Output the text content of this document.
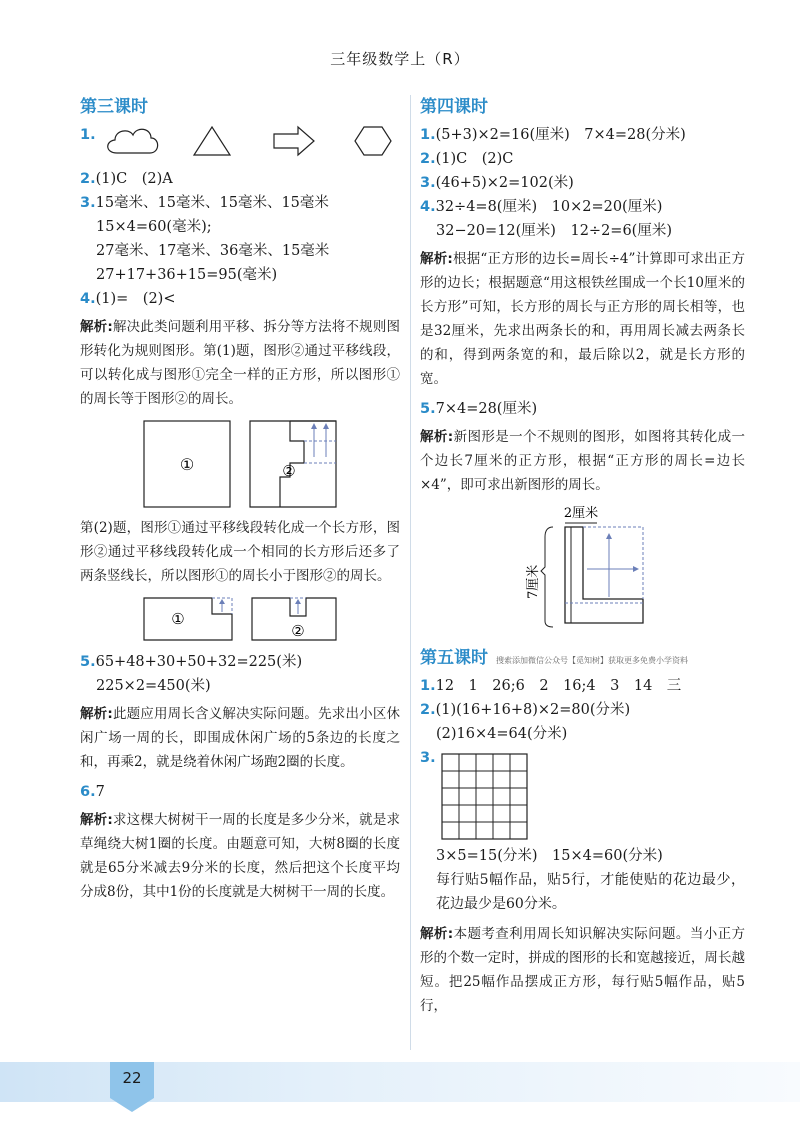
三年级数学上（R）
第三课时
1.
2.(1)C　(2)A
3.15毫米、15毫米、15毫米、15毫米
15×4=60(毫米);
27毫米、17毫米、36毫米、15毫米
27+17+36+15=95(毫米)
4.(1)=　(2)<
解析:解决此类问题利用平移、拆分等方法将不规则图形转化为规则图形。第(1)题，图形②通过平移线段，可以转化成与图形①完全一样的正方形，所以图形①的周长等于图形②的周长。
①	②
第(2)题，图形①通过平移线段转化成一个长方形，图形②通过平移线段转化成一个相同的长方形后还多了两条竖线长，所以图形①的周长小于图形②的周长。
①
②
5.65+48+30+50+32=225(米)
225×2=450(米)
解析:此题应用周长含义解决实际问题。先求出小区休闲广场一周的长，即围成休闲广场的5条边的长度之和，再乘2，就是绕着休闲广场跑2圈的长度。
6.7
解析:求这棵大树树干一周的长度是多少分米，就是求草绳绕大树1圈的长度。由题意可知，大树8圈的长度就是65分米减去9分米的长度，然后把这个长度平均分成8份，其中1份的长度就是大树树干一周的长度。
第四课时
1.(5+3)×2=16(厘米)　7×4=28(分米)
2.(1)C　(2)C
3.(46+5)×2=102(米)
4.32÷4=8(厘米)　10×2=20(厘米)
32−20=12(厘米)　12÷2=6(厘米)
解析:根据“正方形的边长=周长÷4”计算即可求出正方形的边长；根据题意“用这根铁丝围成一个长10厘米的长方形”可知，长方形的周长与正方形的周长相等，也是32厘米，先求出两条长的和，再用周长减去两条长的和，得到两条宽的和，最后除以2，就是长方形的宽。
5.7×4=28(厘米)
解析:新图形是一个不规则的图形，如图将其转化成一个边长7厘米的正方形，根据“正方形的周长=边长×4”，即可求出新图形的周长。
2厘米
7厘米
第五课时 搜索添加微信公众号【觅知树】获取更多免费小学资料
1.12　1　26;6　2　16;4　3　14　三
2.(1)(16+16+8)×2=80(分米)
(2)16×4=64(分米)
3.
3×5=15(分米)　15×4=60(分米)
每行贴5幅作品，贴5行，才能使贴的花边最少，花边最少是60分米。
解析:本题考查利用周长知识解决实际问题。当小正方形的个数一定时，拼成的图形的长和宽越接近，周长越短。把25幅作品摆成正方形，每行贴5幅作品，贴5行，
22
